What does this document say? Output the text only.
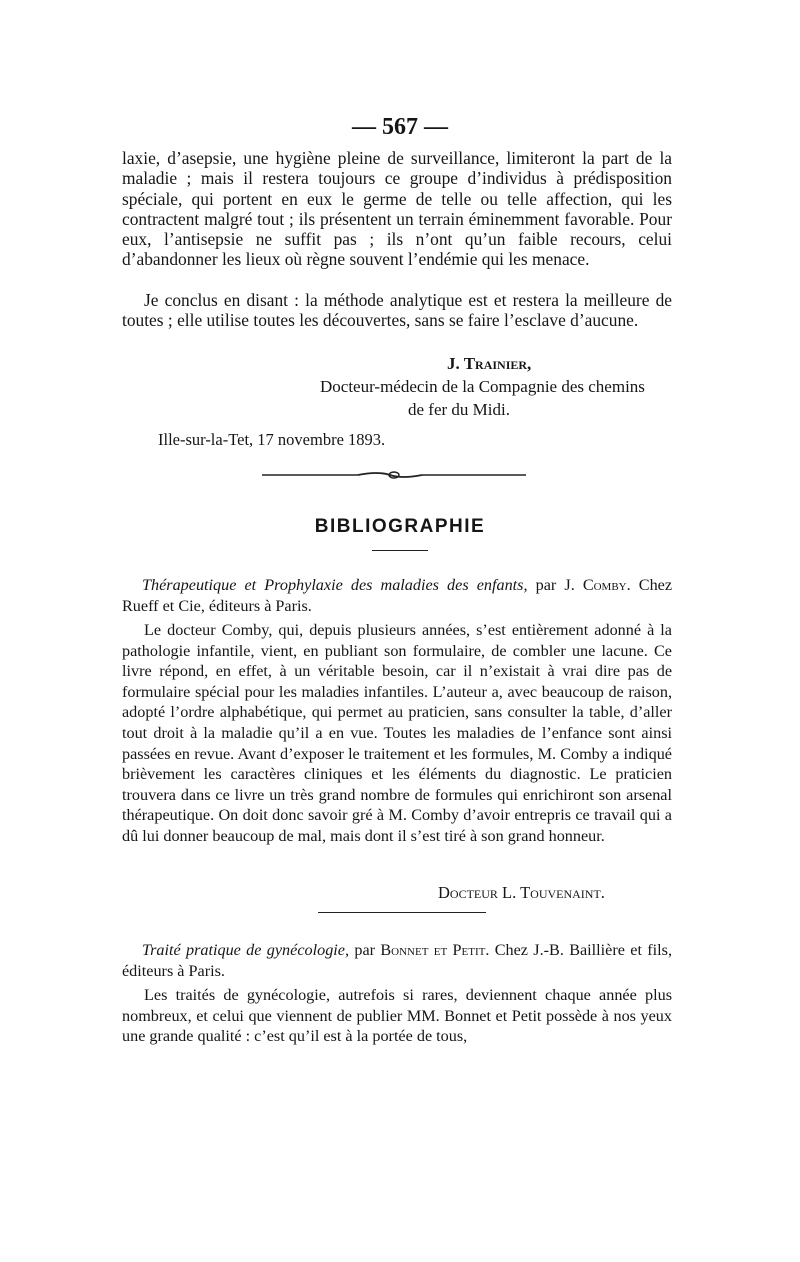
— 567 —

laxie, d’asepsie, une hygiène pleine de surveillance, limiteront la part de la maladie ; mais il restera toujours ce groupe d’individus à prédisposition spéciale, qui portent en eux le germe de telle ou telle affection, qui les contractent malgré tout ; ils présentent un terrain éminemment favorable. Pour eux, l’antisepsie ne suffit pas ; ils n’ont qu’un faible recours, celui d’abandonner les lieux où règne souvent l’endémie qui les menace.

Je conclus en disant : la méthode analytique est et restera la meilleure de toutes ; elle utilise toutes les découvertes, sans se faire l’esclave d’aucune.

J. Trainier,
Docteur-médecin de la Compagnie des chemins
de fer du Midi.
Ille-sur-la-Tet, 17 novembre 1893.
BIBLIOGRAPHIE

Thérapeutique et Prophylaxie des maladies des enfants, par J. Comby. Chez Rueff et Cie, éditeurs à Paris.

Le docteur Comby, qui, depuis plusieurs années, s’est entièrement adonné à la pathologie infantile, vient, en publiant son formulaire, de combler une lacune. Ce livre répond, en effet, à un véritable besoin, car il n’existait à vrai dire pas de formulaire spécial pour les maladies infantiles. L’auteur a, avec beaucoup de raison, adopté l’ordre alphabétique, qui permet au praticien, sans consulter la table, d’aller tout droit à la maladie qu’il a en vue. Toutes les maladies de l’enfance sont ainsi passées en revue. Avant d’exposer le traitement et les formules, M. Comby a indiqué brièvement les caractères cliniques et les éléments du diagnostic. Le praticien trouvera dans ce livre un très grand nombre de formules qui enrichiront son arsenal thérapeutique. On doit donc savoir gré à M. Comby d’avoir entrepris ce travail qui a dû lui donner beaucoup de mal, mais dont il s’est tiré à son grand honneur.

Docteur L. Touvenaint.

Traité pratique de gynécologie, par Bonnet et Petit. Chez J.-B. Baillière et fils, éditeurs à Paris.

Les traités de gynécologie, autrefois si rares, deviennent chaque année plus nombreux, et celui que viennent de publier MM. Bonnet et Petit possède à nos yeux une grande qualité : c’est qu’il est à la portée de tous,
